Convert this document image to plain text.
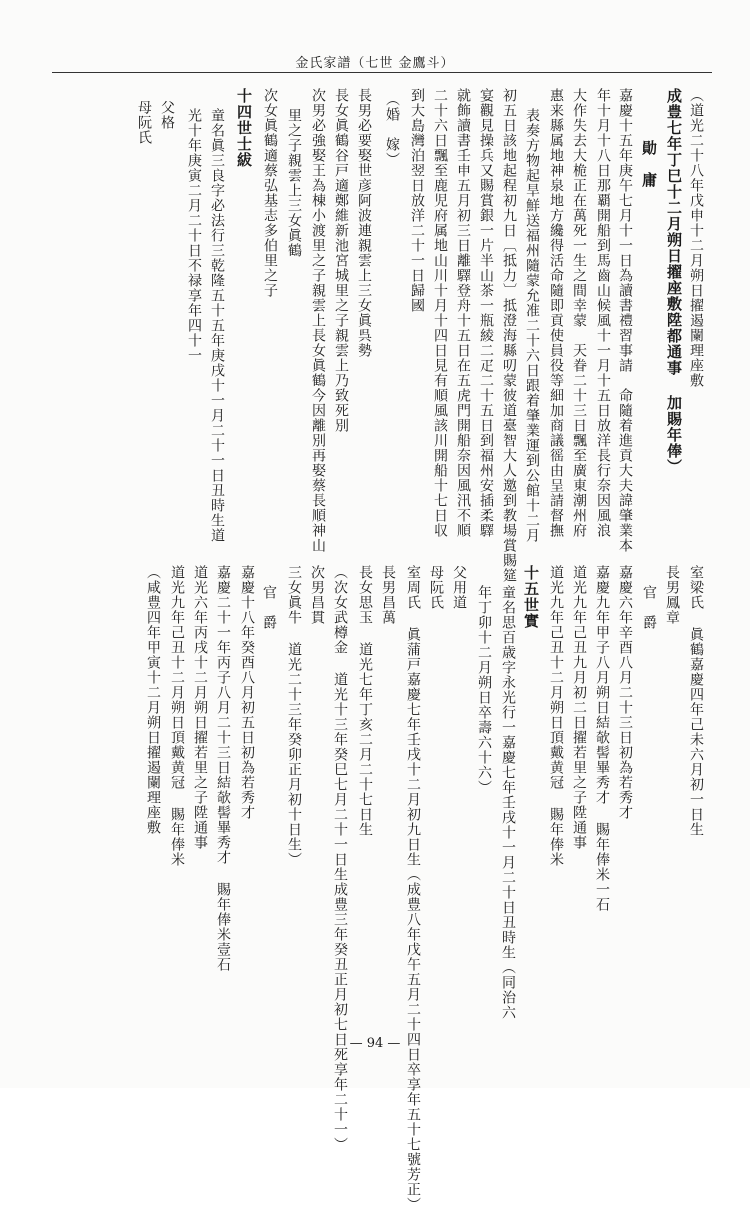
金氏家譜（七世 金鷹斗）
（道光二十八年戊申十二月朔日擢遏闌理座敷
成豊七年丁巳十二月朔日擢座敷陞都通事 加賜年俸）
勛　庸
嘉慶十五年庚午七月十一日為讀書禮習事請　命隨着進貢大夫諱肇業本
年十月十八日那覇開船到馬齒山候風十一月十五日放洋長行奈因風浪
大作失去大桅正在萬死一生之間幸蒙　天眷二十三日飄至廣東潮州府
惠来縣属地神泉地方纔得活命隨即貢使員役等細加商議徭由呈請督撫
表奏方物起旱鮮送福州隨蒙允准二十六日跟着肇業運到公館十二月
初五日該地起程初九日〔抵力〕抵澄海縣叨蒙彼道臺智大人邀到教場賞賜筵
宴觀見操兵又賜賞銀一片半山茶一瓶綾二疋二十五日到福州安插柔驛
就飾讀書壬申五月初三日離驛登舟十五日在五虎門開船奈因風汛不順
二十六日飄至鹿児府属地山川十月十四日見有順風該川開船十七日収
到大島灣泊翌日放洋二十一日歸國
（婚　嫁）
長男必要娶世彦阿波連親雲上三女眞呉勢
長女眞鶴谷戸適鄭維新池宮城里之子親雲上乃致死別
次男必強娶王為棟小渡里之子親雲上長女眞鶴今因離別再娶蔡長順神山
里之子親雲上三女眞鶴
次女眞鶴適蔡弘基志多伯里之子
十四世士紱
童名眞三良字必法行三乾隆五十五年庚戌十一月二十一日丑時生道
光十年庚寅二月二十日不禄享年四十一
父格
母阮氏
室梁氏 眞鶴嘉慶四年己未六月初一日生
長男鳳章
官　爵
嘉慶六年辛酉八月二十三日初為若秀才
嘉慶九年甲子八月朔日結欹髻畢秀才 賜年俸米一石
道光九年己丑九月初二日擢若里之子陞通事
道光九年己丑十二月朔日頂戴黄冠 賜年俸米
十五世實
童名思百歳字永光行一嘉慶七年壬戌十一月二十日丑時生（同治六
年丁卯十二月朔日卒壽六十六）
父用道
母阮氏
室周氏 眞蒲戸嘉慶七年壬戌十二月初九日生（成豊八年戊午五月二十四日卒享年五十七號芳正）
長男昌萬
長女思玉 道光七年丁亥二月二十七日生
（次女武樽金 道光十三年癸巳七月二十一日生成豊三年癸丑正月初七日死享年二十一）
次男昌貫
三女眞牛 道光二十三年癸卯正月初十日生）
官　爵
嘉慶十八年癸酉八月初五日初為若秀才
嘉慶二十一年丙子八月二十三日結欹髻畢秀才 賜年俸米壹石
道光六年丙戌十二月朔日擢若里之子陞通事
道光九年己丑十二月朔日頂戴黄冠 賜年俸米
（咸豊四年甲寅十二月朔日擢遏闌理座敷
— 94 —
